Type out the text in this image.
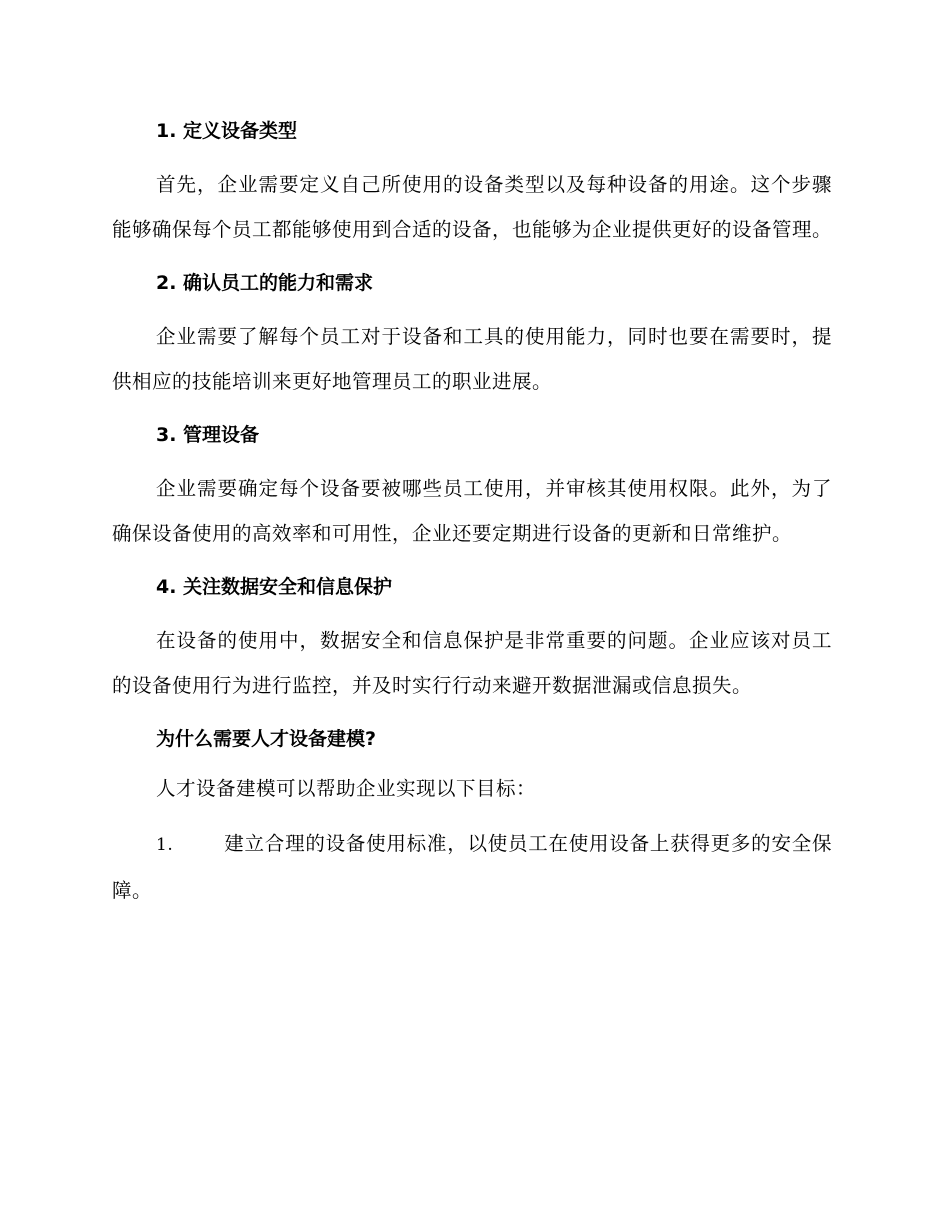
1. 定义设备类型

首先，企业需要定义自己所使用的设备类型以及每种设备的用途。这个步骤能够确保每个员工都能够使用到合适的设备，也能够为企业提供更好的设备管理。

2. 确认员工的能力和需求

企业需要了解每个员工对于设备和工具的使用能力，同时也要在需要时，提供相应的技能培训来更好地管理员工的职业进展。

3. 管理设备

企业需要确定每个设备要被哪些员工使用，并审核其使用权限。此外，为了确保设备使用的高效率和可用性，企业还要定期进行设备的更新和日常维护。

4. 关注数据安全和信息保护

在设备的使用中，数据安全和信息保护是非常重要的问题。企业应该对员工的设备使用行为进行监控，并及时实行行动来避开数据泄漏或信息损失。

为什么需要人才设备建模?

人才设备建模可以帮助企业实现以下目标：

1.	建立合理的设备使用标准，以使员工在使用设备上获得更多的安全保障。
